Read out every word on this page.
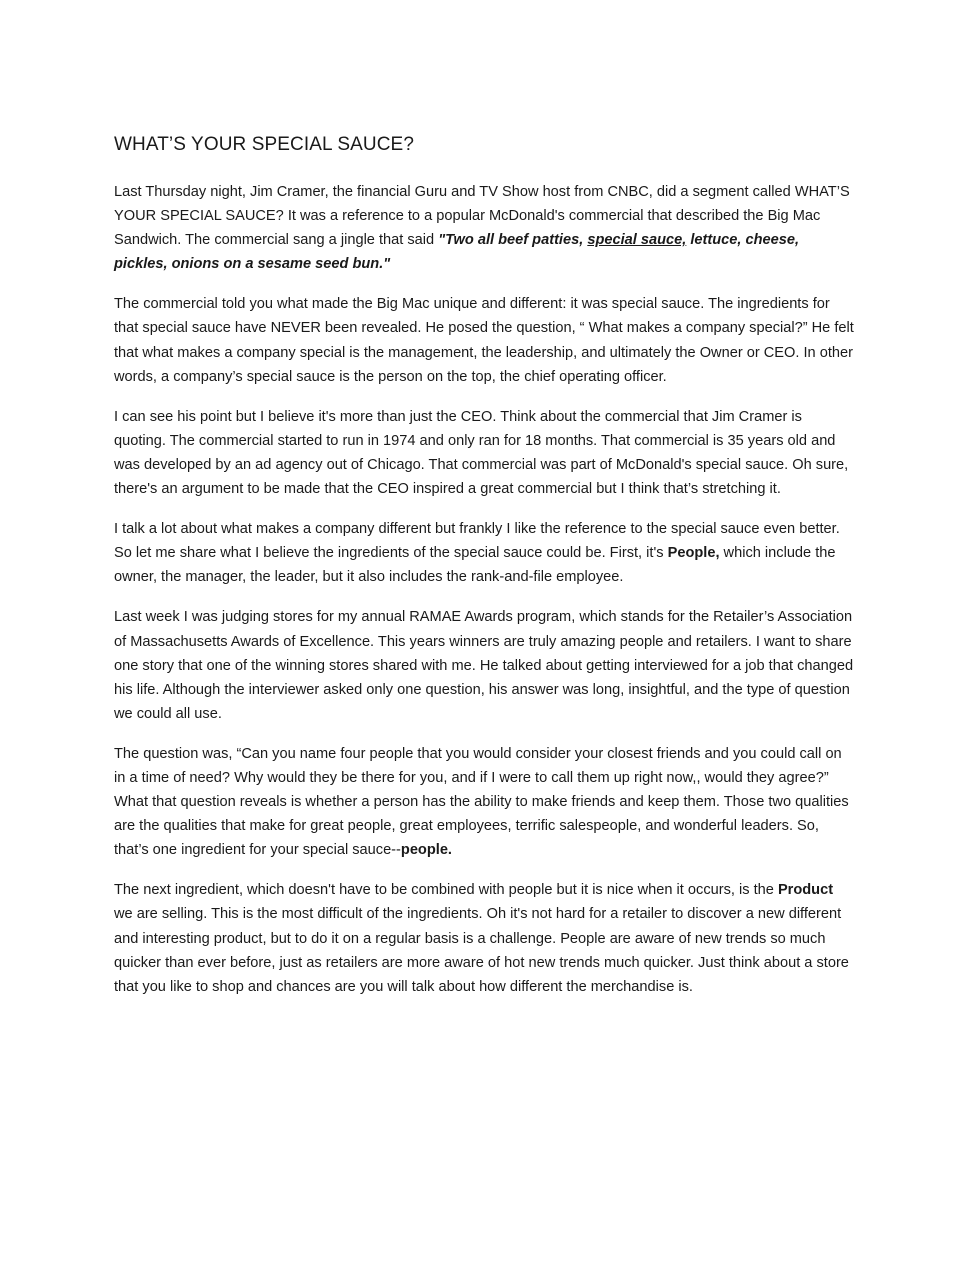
WHAT’S YOUR SPECIAL SAUCE?

Last Thursday night, Jim Cramer, the financial Guru and TV Show host from CNBC, did a segment called WHAT’S YOUR SPECIAL SAUCE? It was a reference to a popular McDonald's commercial that described the Big Mac Sandwich. The commercial sang a jingle that said "Two all beef patties, special sauce, lettuce, cheese, pickles, onions on a sesame seed bun."

The commercial told you what made the Big Mac unique and different: it was special sauce. The ingredients for that special sauce have NEVER been revealed. He posed the question, “ What makes a company special?” He felt that what makes a company special is the management, the leadership, and ultimately the Owner or CEO. In other words, a company’s special sauce is the person on the top, the chief operating officer.

I can see his point but I believe it's more than just the CEO. Think about the commercial that Jim Cramer is quoting. The commercial started to run in 1974 and only ran for 18 months. That commercial is 35 years old and was developed by an ad agency out of Chicago. That commercial was part of McDonald's special sauce. Oh sure, there's an argument to be made that the CEO inspired a great commercial but I think that’s stretching it.

I talk a lot about what makes a company different but frankly I like the reference to the special sauce even better. So let me share what I believe the ingredients of the special sauce could be. First, it's People, which include the owner, the manager, the leader, but it also includes the rank-and-file employee.

Last week I was judging stores for my annual RAMAE Awards program, which stands for the Retailer’s Association of Massachusetts Awards of Excellence. This years winners are truly amazing people and retailers. I want to share one story that one of the winning stores shared with me. He talked about getting interviewed for a job that changed his life. Although the interviewer asked only one question, his answer was long, insightful, and the type of question we could all use.

The question was, “Can you name four people that you would consider your closest friends and you could call on in a time of need? Why would they be there for you, and if I were to call them up right now,, would they agree?” What that question reveals is whether a person has the ability to make friends and keep them. Those two qualities are the qualities that make for great people, great employees, terrific salespeople, and wonderful leaders. So, that’s one ingredient for your special sauce--people.

The next ingredient, which doesn't have to be combined with people but it is nice when it occurs, is the Product we are selling. This is the most difficult of the ingredients. Oh it's not hard for a retailer to discover a new different and interesting product, but to do it on a regular basis is a challenge. People are aware of new trends so much quicker than ever before, just as retailers are more aware of hot new trends much quicker. Just think about a store that you like to shop and chances are you will talk about how different the merchandise is.
